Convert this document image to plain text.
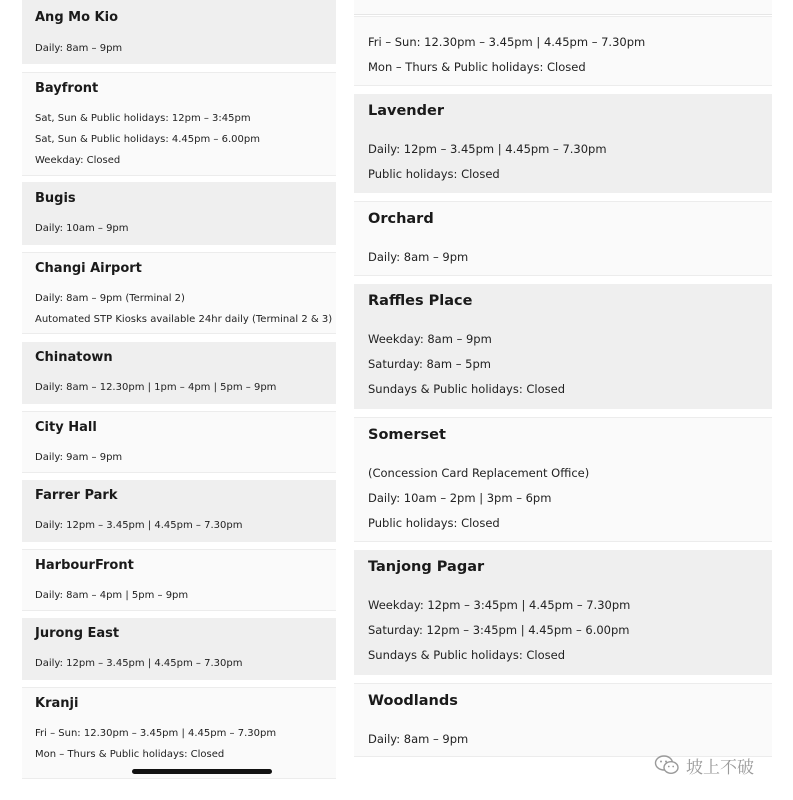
Ang Mo Kio
Daily: 8am – 9pm
Bayfront
Sat, Sun & Public holidays: 12pm – 3:45pm
Sat, Sun & Public holidays: 4.45pm – 6.00pm
Weekday: Closed
Bugis
Daily: 10am – 9pm
Changi Airport
Daily: 8am – 9pm (Terminal 2)
Automated STP Kiosks available 24hr daily (Terminal 2 & 3)
Chinatown
Daily: 8am – 12.30pm | 1pm – 4pm | 5pm – 9pm
City Hall
Daily: 9am – 9pm
Farrer Park
Daily: 12pm – 3.45pm | 4.45pm – 7.30pm
HarbourFront
Daily: 8am – 4pm | 5pm – 9pm
Jurong East
Daily: 12pm – 3.45pm | 4.45pm – 7.30pm
Kranji
Fri – Sun: 12.30pm – 3.45pm | 4.45pm – 7.30pm
Mon – Thurs & Public holidays: Closed
Fri – Sun: 12.30pm – 3.45pm | 4.45pm – 7.30pm
Mon – Thurs & Public holidays: Closed
Lavender
Daily: 12pm – 3.45pm | 4.45pm – 7.30pm
Public holidays: Closed
Orchard
Daily: 8am – 9pm
Raffles Place
Weekday: 8am – 9pm
Saturday: 8am – 5pm
Sundays & Public holidays: Closed
Somerset
(Concession Card Replacement Office)
Daily: 10am – 2pm | 3pm – 6pm
Public holidays: Closed
Tanjong Pagar
Weekday: 12pm – 3:45pm | 4.45pm – 7.30pm
Saturday: 12pm – 3:45pm | 4.45pm – 6.00pm
Sundays & Public holidays: Closed
Woodlands
Daily: 8am – 9pm
坡上不破
